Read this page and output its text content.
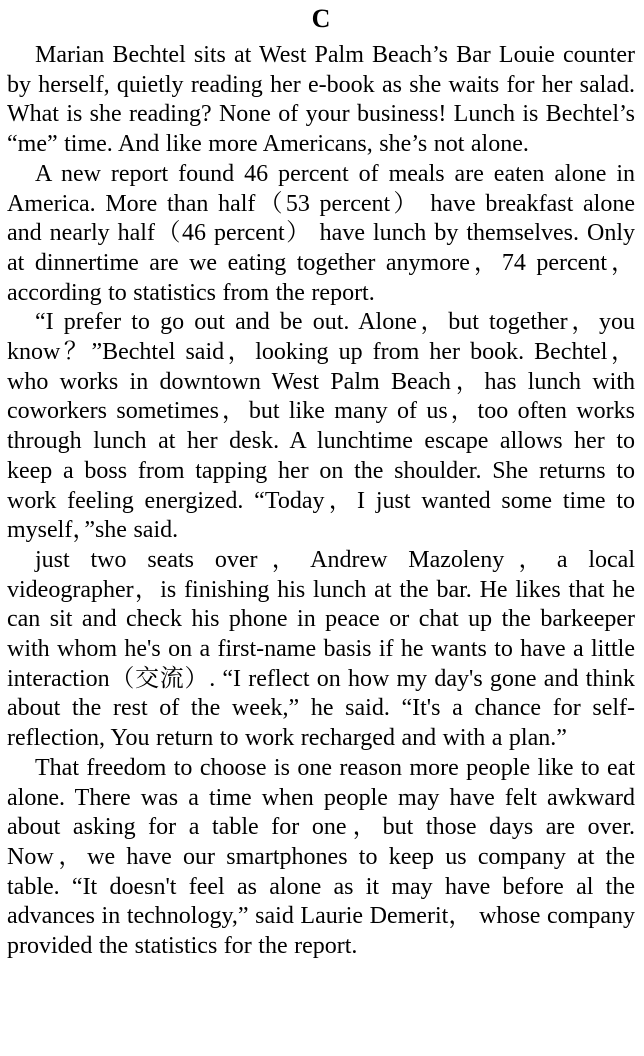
C

Marian Bechtel sits at West Palm Beach’s Bar Louie counter by herself, quietly reading her e-book as she waits for her salad. What is she reading? None of your business! Lunch is Bechtel’s “me” time. And like more Americans, she’s not alone.

A new report found 46 percent of meals are eaten alone in America. More than half（53 percent） have breakfast alone and nearly half（46 percent） have lunch by themselves. Only at dinnertime are we eating together anymore，74 percent，according to statistics from the report.

“I prefer to go out and be out. Alone，but together，you know？”Bechtel said，looking up from her book. Bechtel，who works in downtown West Palm Beach，has lunch with coworkers sometimes，but like many of us，too often works through lunch at her desk. A lunchtime escape allows her to keep a boss from tapping her on the shoulder. She returns to work feeling energized. “Today，I just wanted some time to myself，”she said.

just two seats over，Andrew Mazoleny，a local videographer，is finishing his lunch at the bar. He likes that he can sit and check his phone in peace or chat up the barkeeper with whom he's on a first-name basis if he wants to have a little interaction（交流）. “I reflect on how my day's gone and think about the rest of the week,” he said. “It's a chance for self-reflection, You return to work recharged and with a plan.”

That freedom to choose is one reason more people like to eat alone. There was a time when people may have felt awkward about asking for a table for one，but those days are over. Now，we have our smartphones to keep us company at the table. “It doesn't feel as alone as it may have before al the advances in technology,” said Laurie Demerit， whose company provided the statistics for the report.
